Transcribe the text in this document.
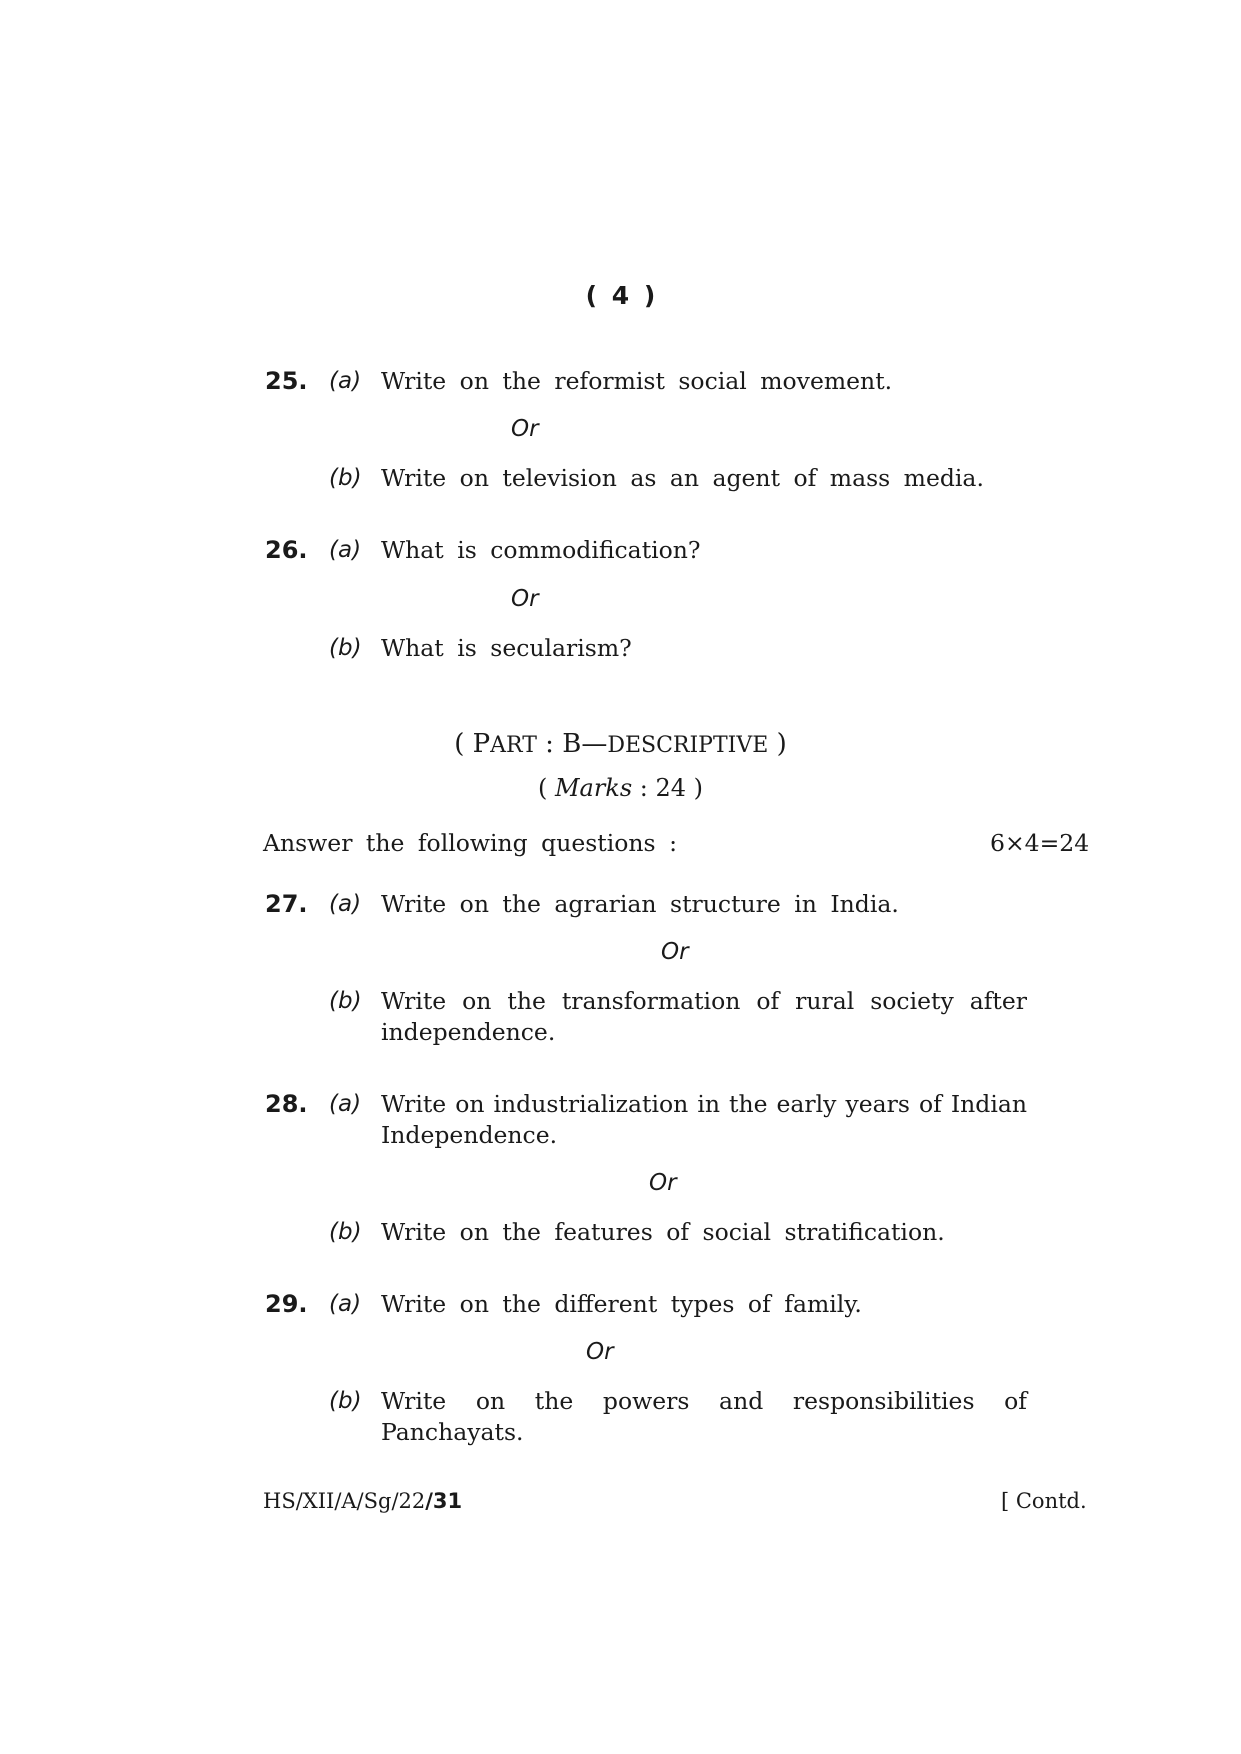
( 4 )
25. (a) Write on the reformist social movement.
Or
(b) Write on television as an agent of mass media.
26. (a) What is commodification?
Or
(b) What is secularism?
( PART : B—DESCRIPTIVE )
( Marks : 24 )
Answer the following questions :	6×4=24
27. (a) Write on the agrarian structure in India.
Or
(b) Write on the transformation of rural society after
independence.
28. (a) Write on industrialization in the early years of Indian
Independence.
Or
(b) Write on the features of social stratification.
29. (a) Write on the different types of family.
Or
(b) Write on the powers and responsibilities of
Panchayats.
HS/XII/A/Sg/22/31	[ Contd.
